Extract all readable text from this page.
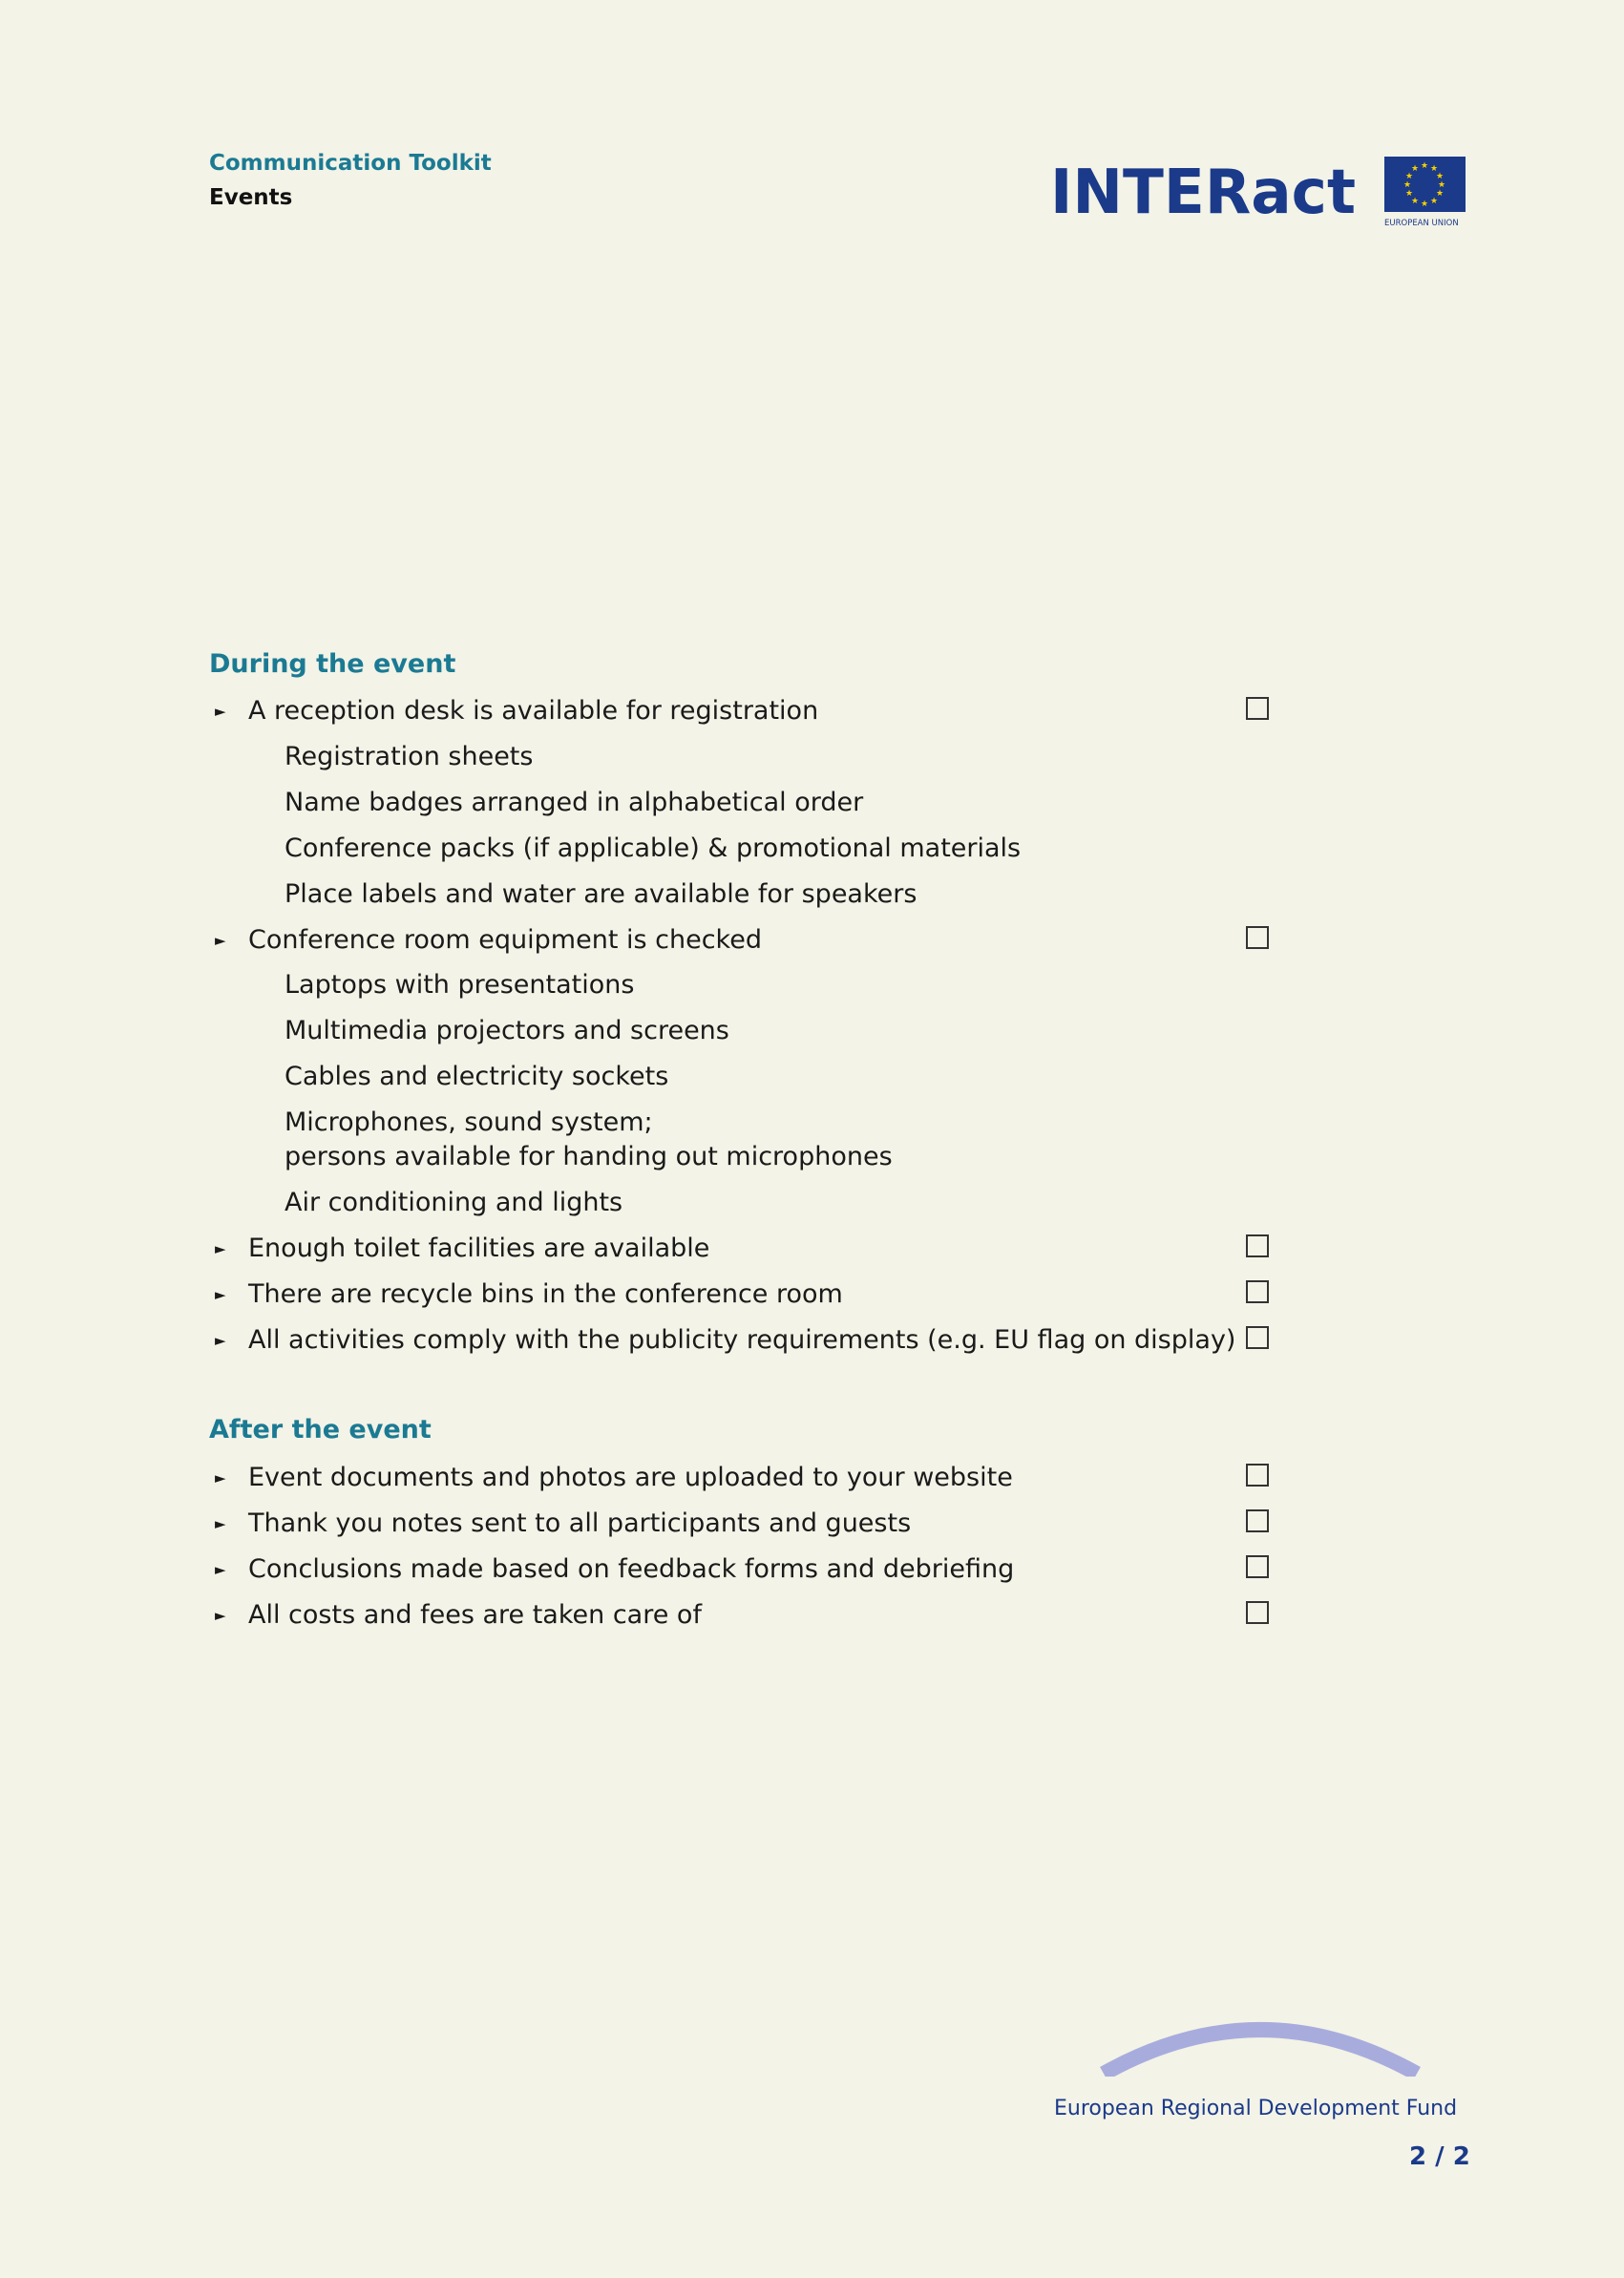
Communication Toolkit
Events	INTERact	★ ★
★
★
★
★
★
★
★
★
★
★
EUROPEAN UNION
During the event
► A reception desk is available for registration
Registration sheets
Name badges arranged in alphabetical order
Conference packs (if applicable) & promotional materials
Place labels and water are available for speakers
► Conference room equipment is checked
Laptops with presentations
Multimedia projectors and screens
Cables and electricity sockets
Microphones, sound system;
persons available for handing out microphones
Air conditioning and lights
► Enough toilet facilities are available
► There are recycle bins in the conference room
► All activities comply with the publicity requirements (e.g. EU flag on display)
After the event
► Event documents and photos are uploaded to your website
► Thank you notes sent to all participants and guests
► Conclusions made based on feedback forms and debriefing
► All costs and fees are taken care of
European Regional Development Fund
2 / 2
